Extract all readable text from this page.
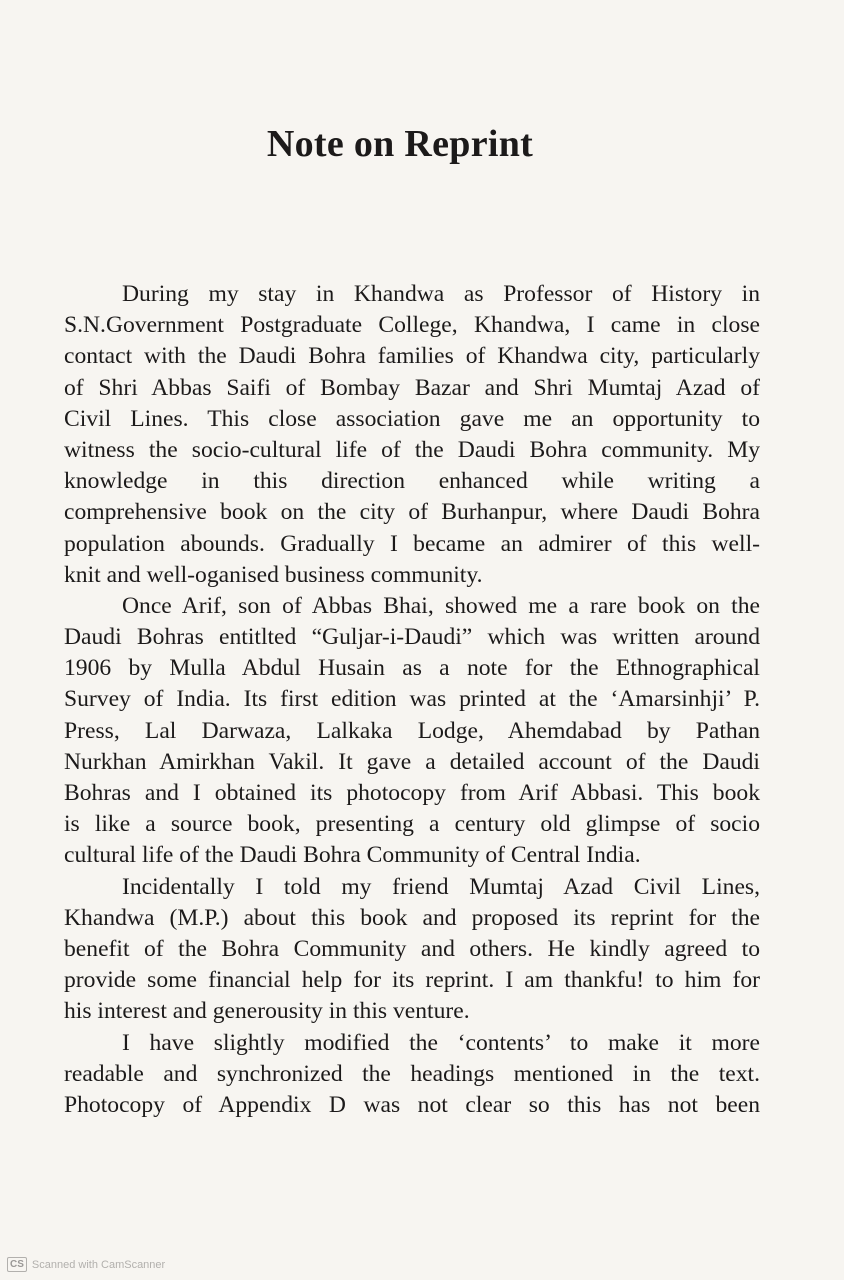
Note on Reprint
During my stay in Khandwa as Professor of History in
S.N.Government Postgraduate College, Khandwa, I came in close
contact with the Daudi Bohra families of Khandwa city, particularly
of Shri Abbas Saifi of Bombay Bazar and Shri Mumtaj Azad of
Civil Lines. This close association gave me an opportunity to
witness the socio-cultural life of the Daudi Bohra community. My
knowledge in this direction enhanced while writing a
comprehensive book on the city of Burhanpur, where Daudi Bohra
population abounds. Gradually I became an admirer of this well-
knit and well-oganised business community.
Once Arif, son of Abbas Bhai, showed me a rare book on the
Daudi Bohras entitlted “Guljar-i-Daudi” which was written around
1906 by Mulla Abdul Husain as a note for the Ethnographical
Survey of India. Its first edition was printed at the ‘Amarsinhji’ P.
Press, Lal Darwaza, Lalkaka Lodge, Ahemdabad by Pathan
Nurkhan Amirkhan Vakil. It gave a detailed account of the Daudi
Bohras and I obtained its photocopy from Arif Abbasi. This book
is like a source book, presenting a century old glimpse of socio
cultural life of the Daudi Bohra Community of Central India.
Incidentally I told my friend Mumtaj Azad Civil Lines,
Khandwa (M.P.) about this book and proposed its reprint for the
benefit of the Bohra Community and others. He kindly agreed to
provide some financial help for its reprint. I am thankfu! to him for
his interest and generousity in this venture.
I have slightly modified the ‘contents’ to make it more
readable and synchronized the headings mentioned in the text.
Photocopy of Appendix D was not clear so this has not been
CS Scanned with CamScanner
